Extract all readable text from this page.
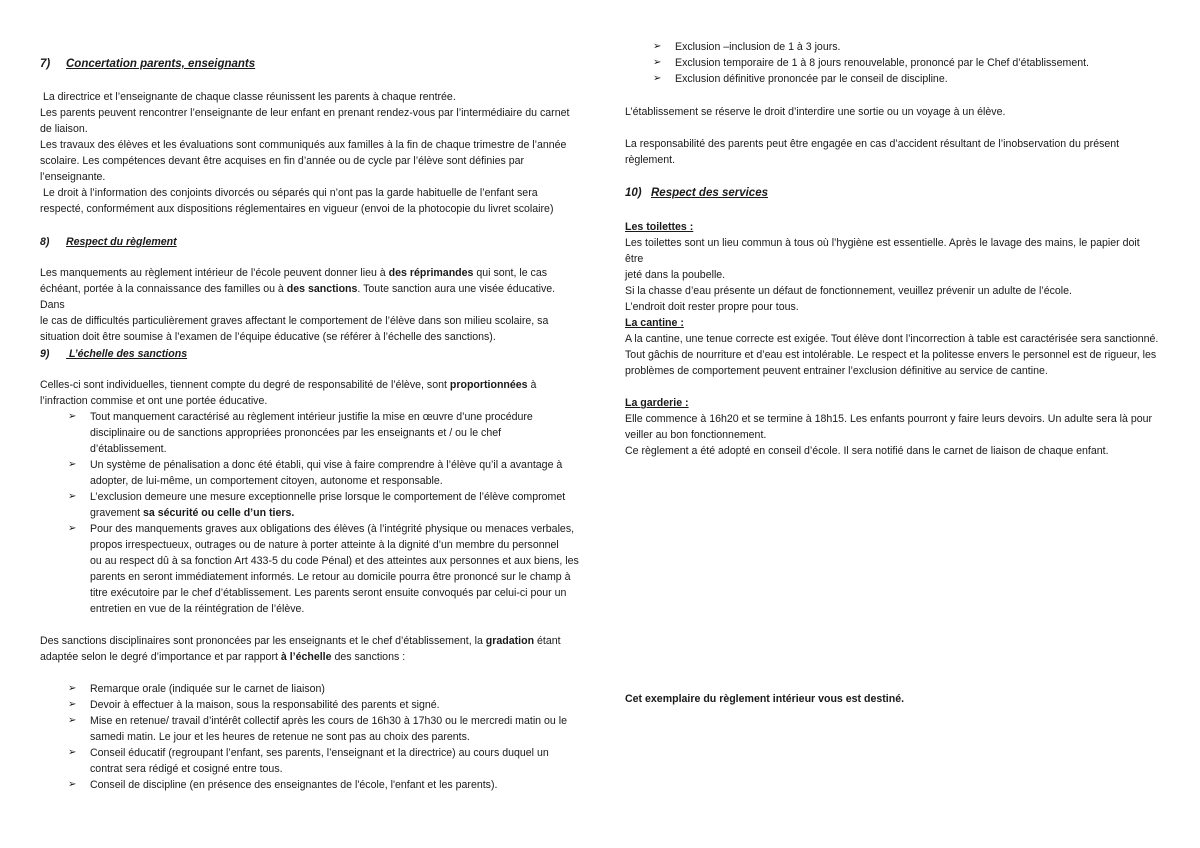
7) Concertation parents, enseignants

La directrice et l’enseignante de chaque classe réunissent les parents à chaque rentrée.

Les parents peuvent rencontrer l’enseignante de leur enfant en prenant rendez-vous par l’intermédiaire du carnet

de liaison.

Les travaux des élèves et les évaluations sont communiqués aux familles à la fin de chaque trimestre de l’année

scolaire. Les compétences devant être acquises en fin d’année ou de cycle par l’élève sont définies par

l’enseignante.

Le droit à l’information des conjoints divorcés ou séparés qui n’ont pas la garde habituelle de l’enfant sera

respecté, conformément aux dispositions réglementaires en vigueur (envoi de la photocopie du livret scolaire)

8) Respect du règlement

Les manquements au règlement intérieur de l’école peuvent donner lieu à des réprimandes qui sont, le cas

échéant, portée à la connaissance des familles ou à des sanctions. Toute sanction aura une visée éducative. Dans

le cas de difficultés particulièrement graves affectant le comportement de l’élève dans son milieu scolaire, sa

situation doit être soumise à l’examen de l’équipe éducative (se référer à l’échelle des sanctions).

9) L’échelle des sanctions

Celles-ci sont individuelles, tiennent compte du degré de responsabilité de l’élève, sont proportionnées à

l’infraction commise et ont une portée éducative.

➢ Tout manquement caractérisé au règlement intérieur justifie la mise en œuvre d’une procédure

disciplinaire ou de sanctions appropriées prononcées par les enseignants et / ou le chef

d’établissement.

➢ Un système de pénalisation a donc été établi, qui vise à faire comprendre à l’élève qu’il a avantage à

adopter, de lui-même, un comportement citoyen, autonome et responsable.

➢ L’exclusion demeure une mesure exceptionnelle prise lorsque le comportement de l’élève compromet

gravement sa sécurité ou celle d’un tiers.

➢ Pour des manquements graves aux obligations des élèves (à l’intégrité physique ou menaces verbales,

propos irrespectueux, outrages ou de nature à porter atteinte à la dignité d’un membre du personnel

ou au respect dû à sa fonction Art 433-5 du code Pénal) et des atteintes aux personnes et aux biens, les

parents en seront immédiatement informés. Le retour au domicile pourra être prononcé sur le champ à

titre exécutoire par le chef d’établissement. Les parents seront ensuite convoqués par celui-ci pour un

entretien en vue de la réintégration de l’élève.

Des sanctions disciplinaires sont prononcées par les enseignants et le chef d’établissement, la gradation étant

adaptée selon le degré d’importance et par rapport à l’échelle des sanctions :

➢ Remarque orale (indiquée sur le carnet de liaison)

➢ Devoir à effectuer à la maison, sous la responsabilité des parents et signé.

➢ Mise en retenue/ travail d’intérêt collectif après les cours de 16h30 à 17h30 ou le mercredi matin ou le

samedi matin. Le jour et les heures de retenue ne sont pas au choix des parents.

➢ Conseil éducatif (regroupant l’enfant, ses parents, l’enseignant et la directrice) au cours duquel un

contrat sera rédigé et cosigné entre tous.

➢ Conseil de discipline (en présence des enseignantes de l'école, l'enfant et les parents).

➢ Exclusion –inclusion de 1 à 3 jours.

➢ Exclusion temporaire de 1 à 8 jours renouvelable, prononcé par le Chef d’établissement.

➢ Exclusion définitive prononcée par le conseil de discipline.

L’établissement se réserve le droit d’interdire une sortie ou un voyage à un élève.

La responsabilité des parents peut être engagée en cas d’accident résultant de l’inobservation du présent

règlement.

10) Respect des services

Les toilettes :

Les toilettes sont un lieu commun à tous où l’hygiène est essentielle. Après le lavage des mains, le papier doit être

jeté dans la poubelle.

Si la chasse d’eau présente un défaut de fonctionnement, veuillez prévenir un adulte de l’école.

L’endroit doit rester propre pour tous.

La cantine :

A la cantine, une tenue correcte est exigée. Tout élève dont l’incorrection à table est caractérisée sera sanctionné.

Tout gâchis de nourriture et d’eau est intolérable. Le respect et la politesse envers le personnel est de rigueur, les

problèmes de comportement peuvent entrainer l’exclusion définitive au service de cantine.

La garderie :

Elle commence à 16h20 et se termine à 18h15. Les enfants pourront y faire leurs devoirs. Un adulte sera là pour

veiller au bon fonctionnement.

Ce règlement a été adopté en conseil d’école. Il sera notifié dans le carnet de liaison de chaque enfant.

Cet exemplaire du règlement intérieur vous est destiné.
